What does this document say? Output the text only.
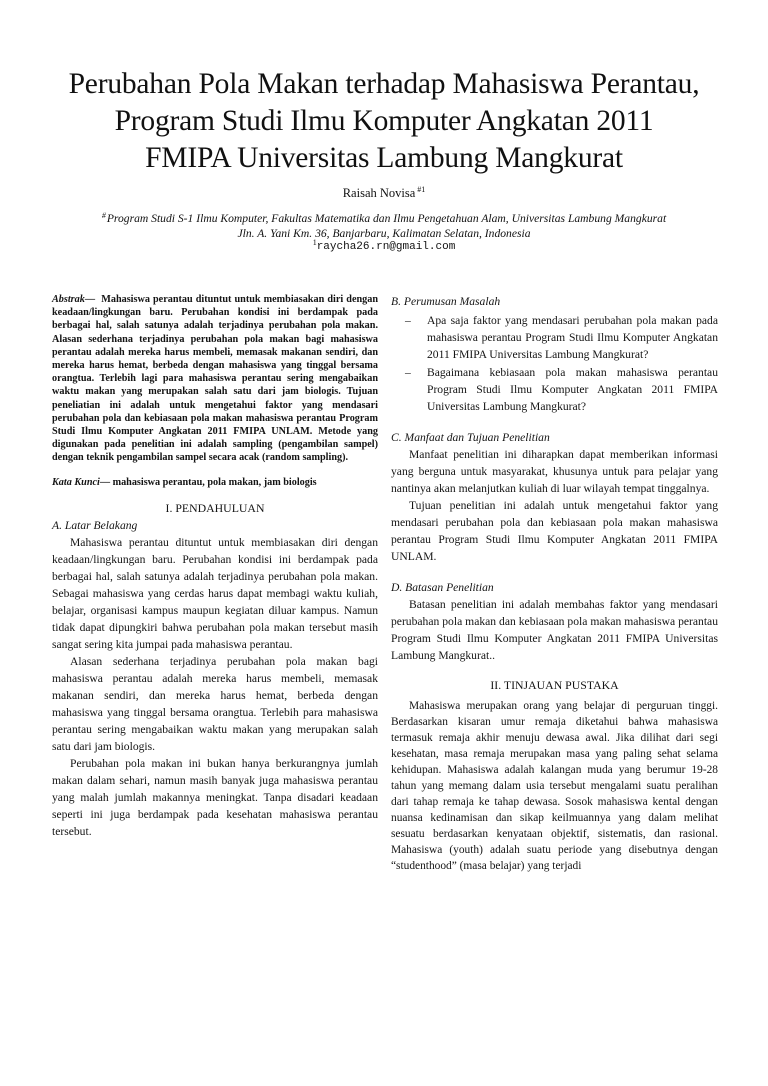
Perubahan Pola Makan terhadap Mahasiswa Perantau,
Program Studi Ilmu Komputer Angkatan 2011
FMIPA Universitas Lambung Mangkurat
Raisah Novisa $^{\#1}$
#Program Studi S-1 Ilmu Komputer, Fakultas Matematika dan Ilmu Pengetahuan Alam, Universitas Lambung Mangkurat
Jln. A. Yani Km. 36, Banjarbaru, Kalimatan Selatan, Indonesia
$^1$raycha26.rn@gmail.com
Abstrak— Mahasiswa perantau dituntut untuk membiasakan diri dengan keadaan/lingkungan baru. Perubahan kondisi ini berdampak pada berbagai hal, salah satunya adalah terjadinya perubahan pola makan. Alasan sederhana terjadinya perubahan pola makan bagi mahasiswa perantau adalah mereka harus membeli, memasak makanan sendiri, dan mereka harus hemat, berbeda dengan mahasiswa yang tinggal bersama orangtua. Terlebih lagi para mahasiswa perantau sering mengabaikan waktu makan yang merupakan salah satu dari jam biologis. Tujuan peneliatian ini adalah untuk mengetahui faktor yang mendasari perubahan pola dan kebiasaan pola makan mahasiswa perantau Program Studi Ilmu Komputer Angkatan 2011 FMIPA UNLAM. Metode yang digunakan pada penelitian ini adalah sampling (pengambilan sampel) dengan teknik pengambilan sampel secara acak (random sampling).
Kata Kunci— mahasiswa perantau, pola makan, jam biologis
I. PENDAHULUAN
A. Latar Belakang

Mahasiswa perantau dituntut untuk membiasakan diri dengan keadaan/lingkungan baru. Perubahan kondisi ini berdampak pada berbagai hal, salah satunya adalah terjadinya perubahan pola makan. Sebagai mahasiswa yang cerdas harus dapat membagi waktu kuliah, belajar, organisasi kampus maupun kegiatan diluar kampus. Namun tidak dapat dipungkiri bahwa perubahan pola makan tersebut masih sangat sering kita jumpai pada mahasiswa perantau.

Alasan sederhana terjadinya perubahan pola makan bagi mahasiswa perantau adalah mereka harus membeli, memasak makanan sendiri, dan mereka harus hemat, berbeda dengan mahasiswa yang tinggal bersama orangtua. Terlebih para mahasiswa perantau sering mengabaikan waktu makan yang merupakan salah satu dari jam biologis.

Perubahan pola makan ini bukan hanya berkurangnya jumlah makan dalam sehari, namun masih banyak juga mahasiswa perantau yang malah jumlah makannya meningkat. Tanpa disadari keadaan seperti ini juga berdampak pada kesehatan mahasiswa perantau tersebut.

B. Perumusan Masalah
– Apa saja faktor yang mendasari perubahan pola makan pada mahasiswa perantau Program Studi Ilmu Komputer Angkatan 2011 FMIPA Universitas Lambung Mangkurat?
– Bagaimana kebiasaan pola makan mahasiswa perantau Program Studi Ilmu Komputer Angkatan 2011 FMIPA Universitas Lambung Mangkurat?
C. Manfaat dan Tujuan Penelitian

Manfaat penelitian ini diharapkan dapat memberikan informasi yang berguna untuk masyarakat, khusunya untuk para pelajar yang nantinya akan melanjutkan kuliah di luar wilayah tempat tinggalnya.

Tujuan penelitian ini adalah untuk mengetahui faktor yang mendasari perubahan pola dan kebiasaan pola makan mahasiswa perantau Program Studi Ilmu Komputer Angkatan 2011 FMIPA UNLAM.

D. Batasan Penelitian

Batasan penelitian ini adalah membahas faktor yang mendasari perubahan pola makan dan kebiasaan pola makan mahasiswa perantau Program Studi Ilmu Komputer Angkatan 2011 FMIPA Universitas Lambung Mangkurat..

II. TINJAUAN PUSTAKA

Mahasiswa merupakan orang yang belajar di perguruan tinggi. Berdasarkan kisaran umur remaja diketahui bahwa mahasiswa termasuk remaja akhir menuju dewasa awal. Jika dilihat dari segi kesehatan, masa remaja merupakan masa yang paling sehat selama kehidupan. Mahasiswa adalah kalangan muda yang berumur 19-28 tahun yang memang dalam usia tersebut mengalami suatu peralihan dari tahap remaja ke tahap dewasa. Sosok mahasiswa kental dengan nuansa kedinamisan dan sikap keilmuannya yang dalam melihat sesuatu berdasarkan kenyataan objektif, sistematis, dan rasional. Mahasiswa (youth) adalah suatu periode yang disebutnya dengan “studenthood” (masa belajar) yang terjadi
